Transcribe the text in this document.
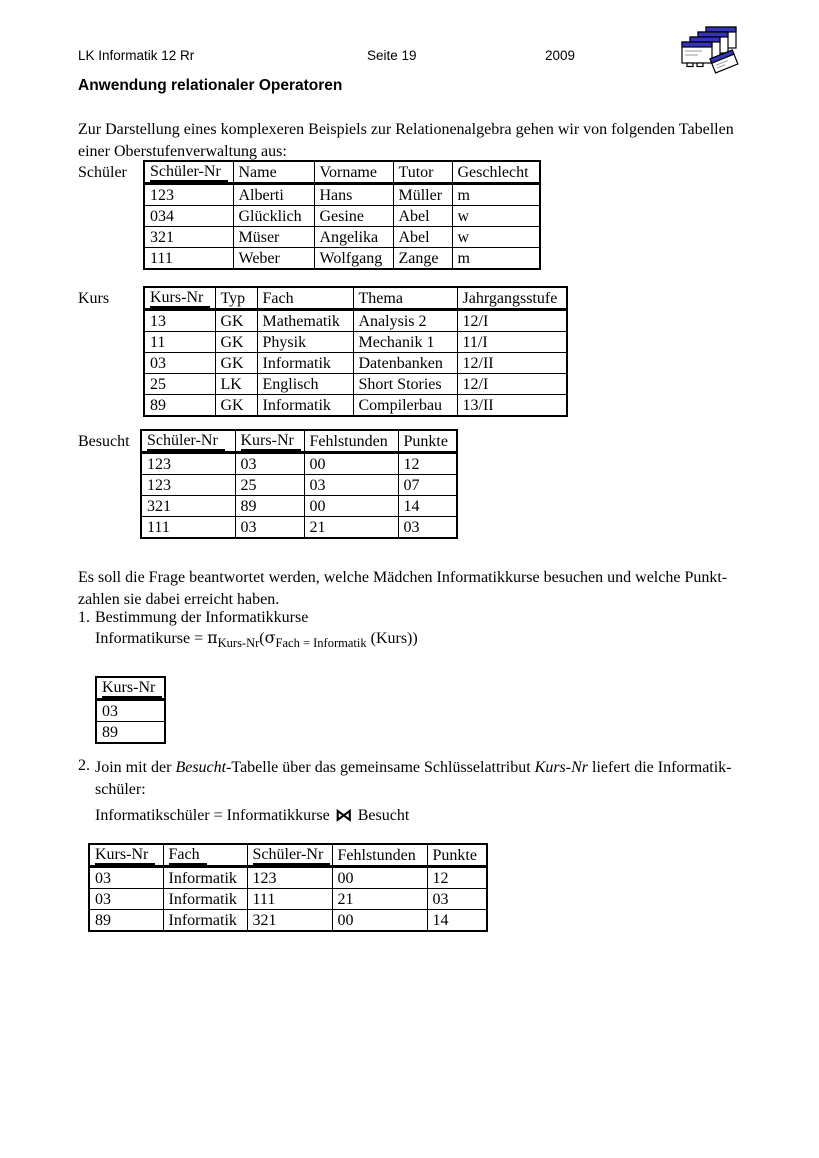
LK Informatik 12 Rr	Seite 19	2009
Anwendung relationaler Operatoren

Zur Darstellung eines komplexeren Beispiels zur Relationenalgebra gehen wir von folgenden Tabellen
einer Oberstufenverwaltung aus:

Schüler Schüler-Nr	Name	Vorname	Tutor	Geschlecht
123	Alberti	Hans	Müller	m
034	Glücklich	Gesine	Abel	w
321	Müser	Angelika	Abel	w
111	Weber	Wolfgang	Zange	m
Kurs	Kurs-Nr	Typ	Fach	Thema	Jahrgangsstufe
13	GK	Mathematik	Analysis 2	12/I
11	GK	Physik	Mechanik 1	11/I
03	GK	Informatik	Datenbanken	12/II
25	LK	Englisch	Short Stories	12/I
89	GK	Informatik	Compilerbau	13/II
Besucht Schüler-Nr	Kurs-Nr	Fehlstunden	Punkte
123	03	00	12
123	25	03	07
321	89	00	14
111	03	21	03

Es soll die Frage beantwortet werden, welche Mädchen Informatikkurse besuchen und welche Punkt-
zahlen sie dabei erreicht haben.

1. Bestimmung der Informatikkurse
Informatikurse = $\pi_{Kurs-Nr}(\sigma_{Fach = Informatik}$ (Kurs))
Kurs-Nr
03
89
2. Join mit der Besucht-Tabelle über das gemeinsame Schlüsselattribut Kurs-Nr liefert die Informatik-
schüler:
Informatikschüler = Informatikkurse ⋈ Besucht
Kurs-Nr	Fach	Schüler-Nr	Fehlstunden	Punkte
03	Informatik	123	00	12
03	Informatik	111	21	03
89	Informatik	321	00	14
